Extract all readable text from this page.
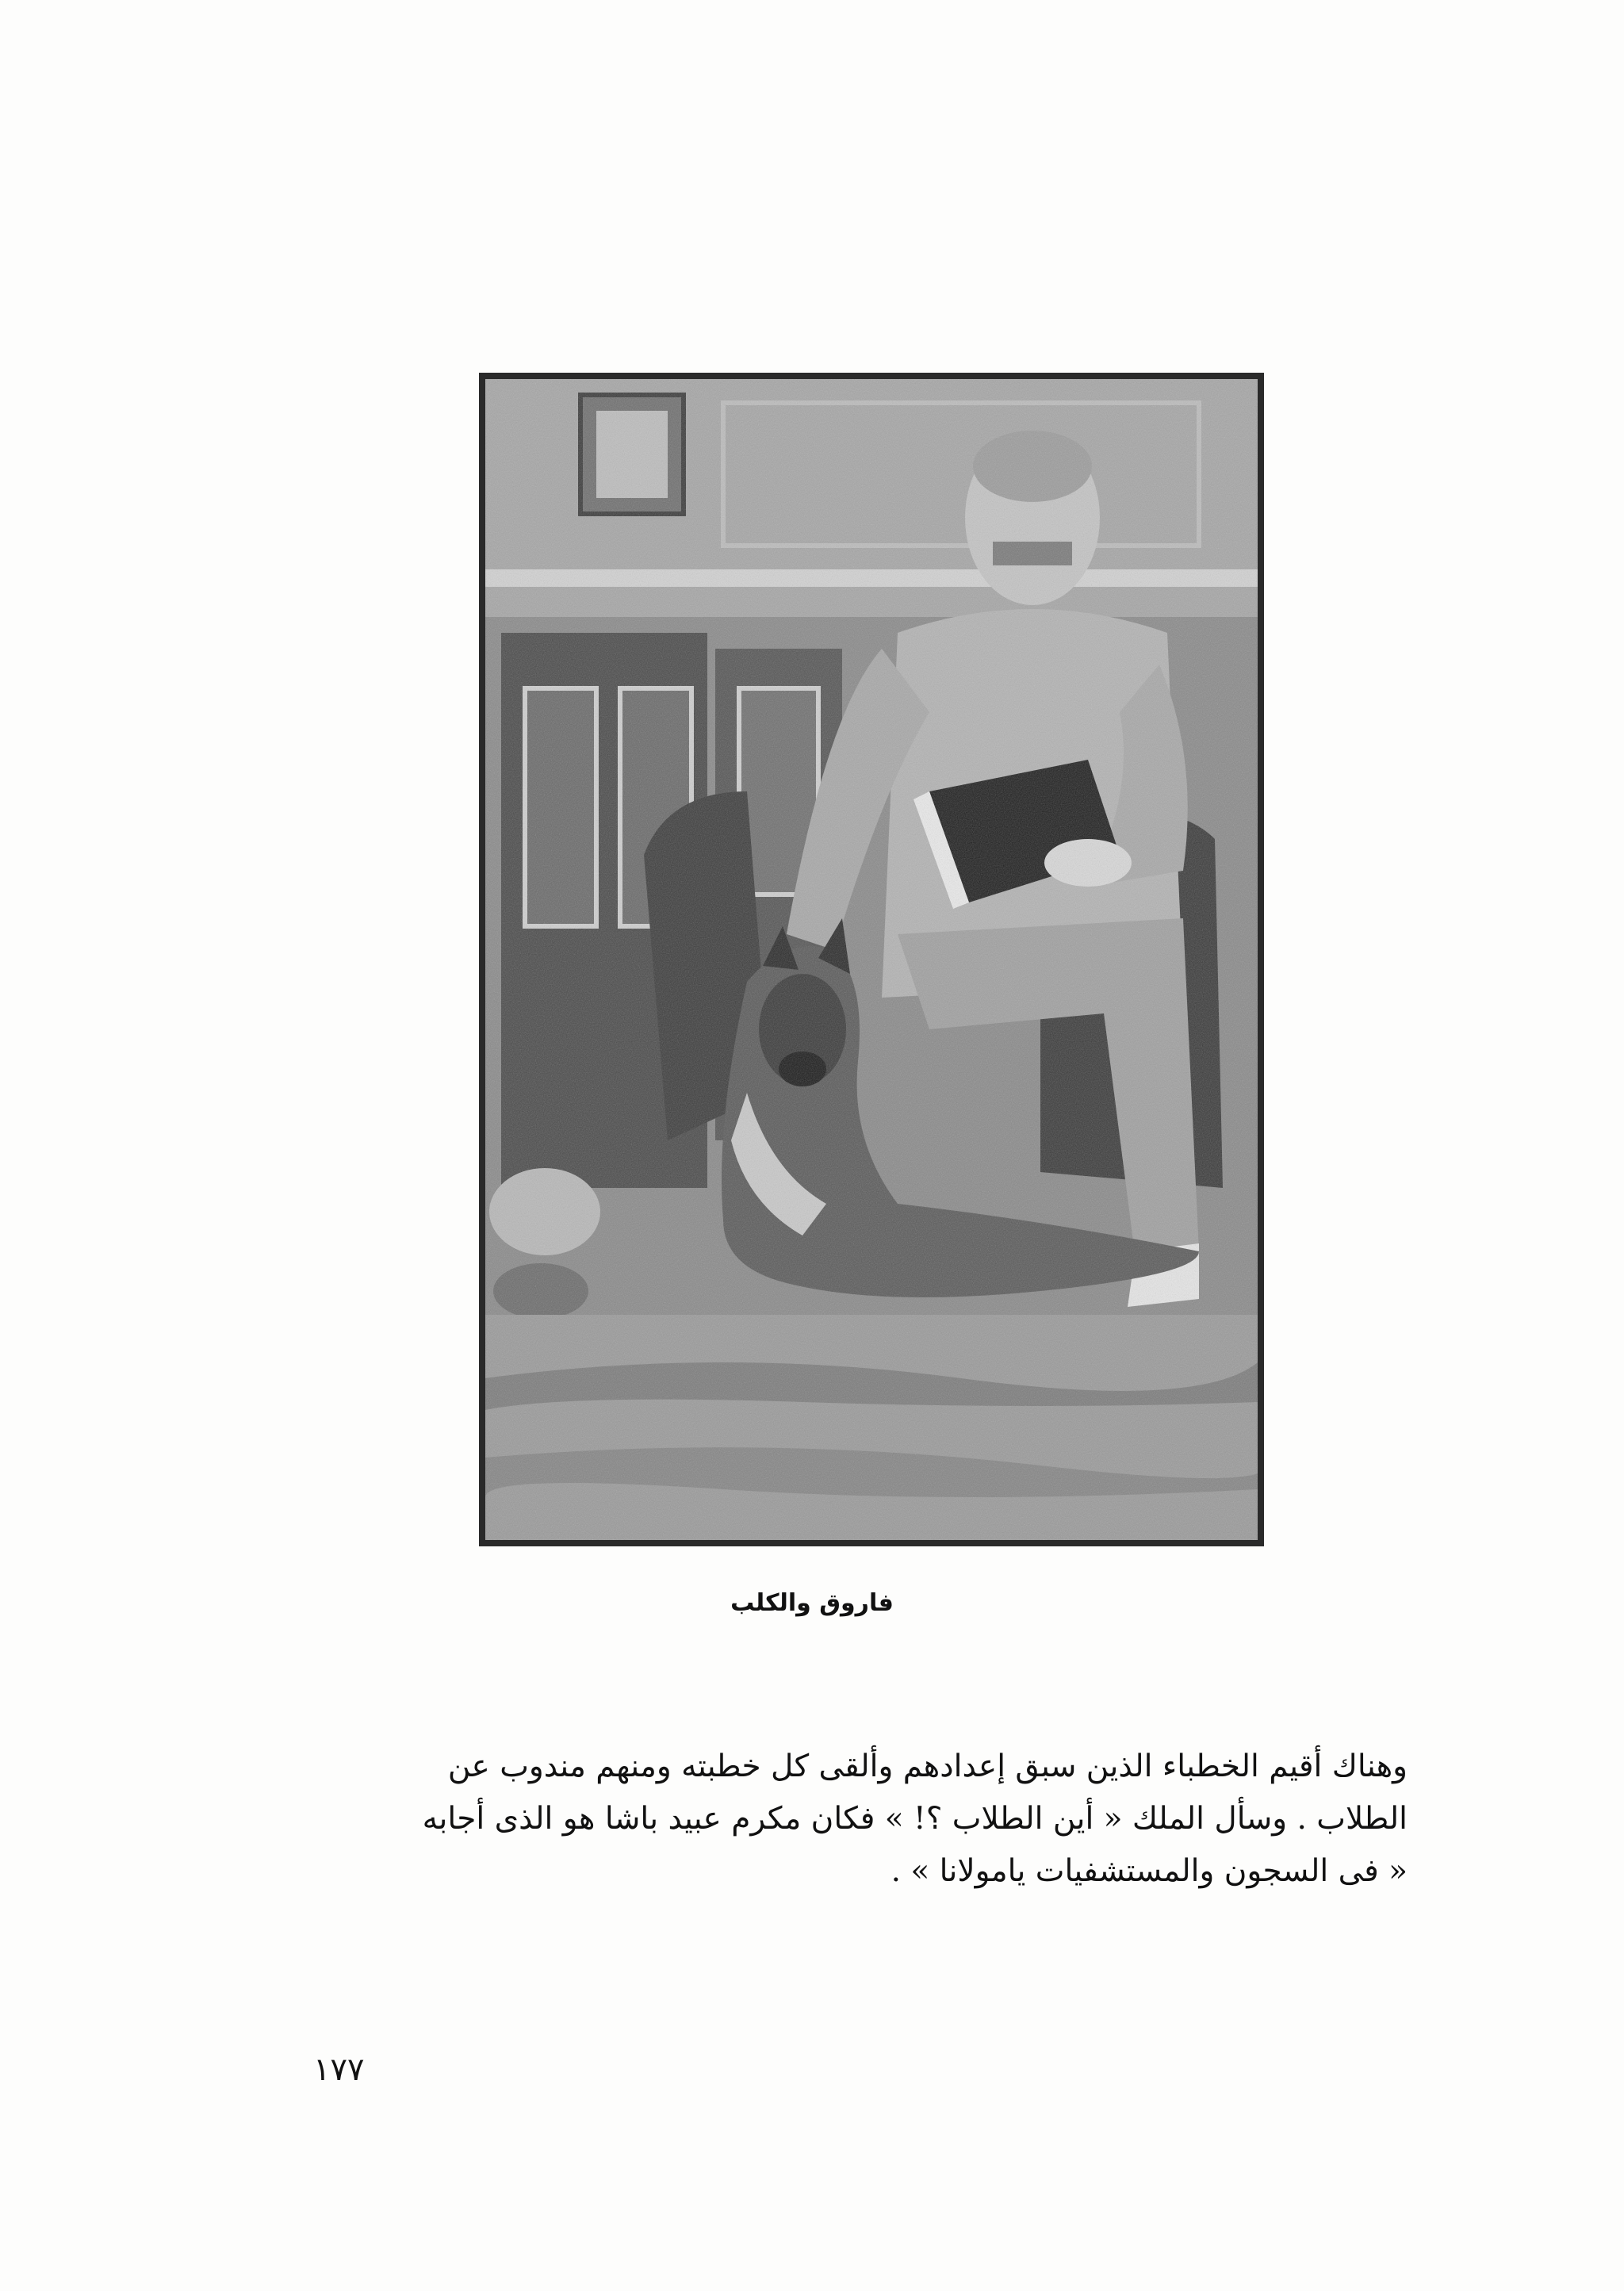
فاروق والكلب
وهناك أقيم الخطباء الذين سبق إعدادهم وألقى كل خطبته ومنهم مندوب عن
الطلاب . وسأل الملك « أين الطلاب ؟! » فكان مكرم عبيد باشا هو الذى أجابه
« فى السجون والمستشفيات يامولانا » .
١٧٧
